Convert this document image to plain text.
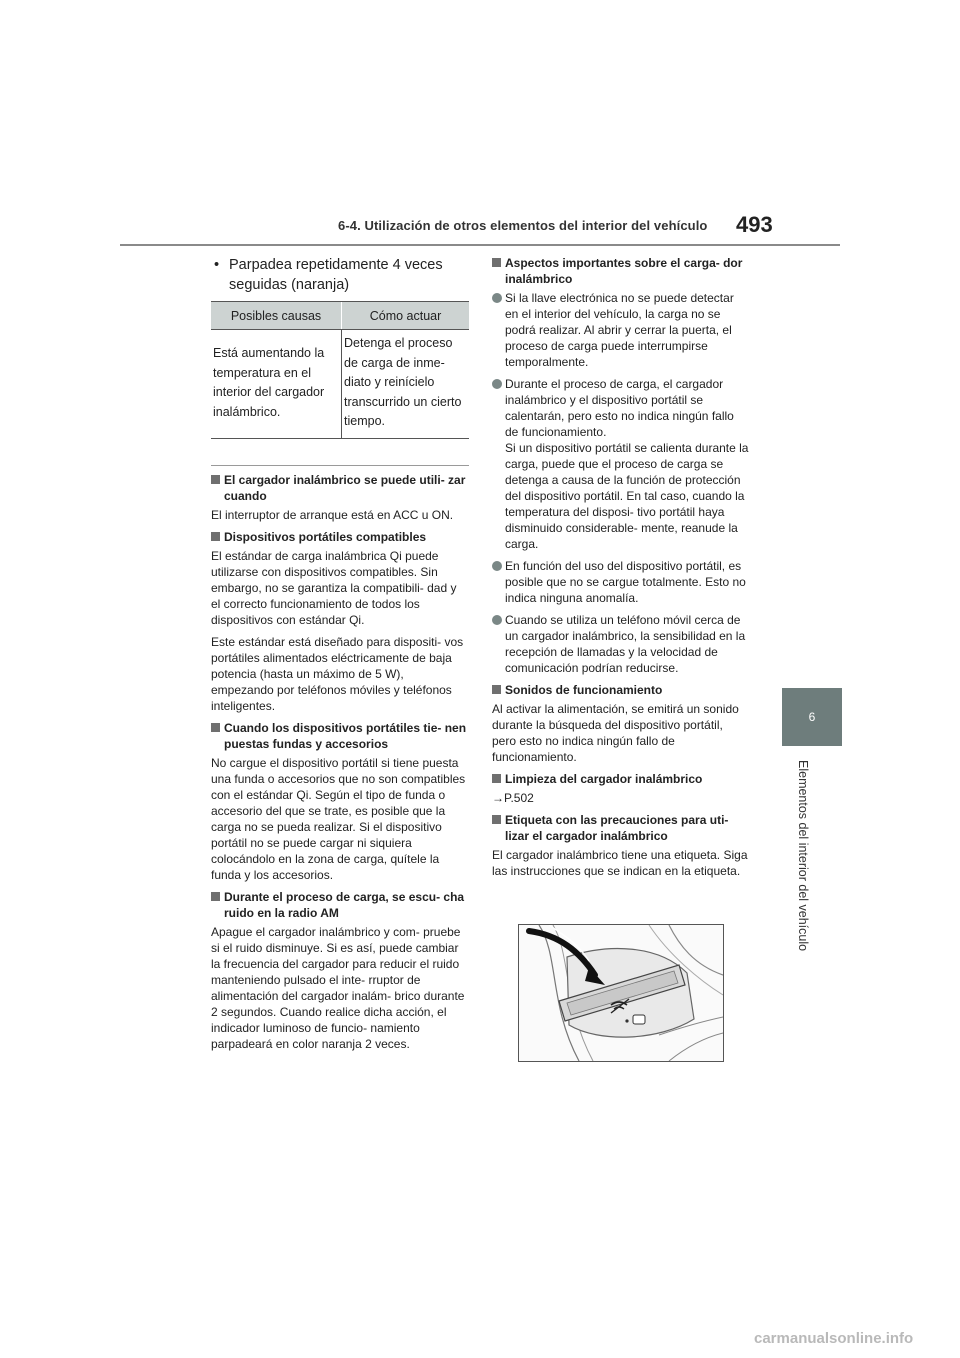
6-4. Utilización de otros elementos del interior del vehículo 493
6
Elementos del interior del vehículo
• Parpadea repetidamente 4 veces seguidas (naranja)
Posibles causas	Cómo actuar
Está aumentando la temperatura en el interior del cargador inalámbrico.	Detenga el proceso de carga de inme- diato y reinícielo transcurrido un cierto tiempo.
El cargador inalámbrico se puede utili- zar cuando

El interruptor de arranque está en ACC u ON.

Dispositivos portátiles compatibles

El estándar de carga inalámbrica Qi puede utilizarse con dispositivos compatibles. Sin embargo, no se garantiza la compatibili- dad y el correcto funcionamiento de todos los dispositivos con estándar Qi.

Este estándar está diseñado para dispositi- vos portátiles alimentados eléctricamente de baja potencia (hasta un máximo de 5 W), empezando por teléfonos móviles y teléfonos inteligentes.

Cuando los dispositivos portátiles tie- nen puestas fundas y accesorios

No cargue el dispositivo portátil si tiene puesta una funda o accesorios que no son compatibles con el estándar Qi. Según el tipo de funda o accesorio del que se trate, es posible que la carga no se pueda realizar. Si el dispositivo portátil no se puede cargar ni siquiera colocándolo en la zona de carga, quítele la funda y los accesorios.

Durante el proceso de carga, se escu- cha ruido en la radio AM

Apague el cargador inalámbrico y com- pruebe si el ruido disminuye. Si es así, puede cambiar la frecuencia del cargador para reducir el ruido manteniendo pulsado el inte- rruptor de alimentación del cargador inalám- brico durante 2 segundos. Cuando realice dicha acción, el indicador luminoso de funcio- namiento parpadeará en color naranja 2 veces.

Aspectos importantes sobre el carga- dor inalámbrico
Si la llave electrónica no se puede detectar en el interior del vehículo, la carga no se podrá realizar. Al abrir y cerrar la puerta, el proceso de carga puede interrumpirse temporalmente.
Durante el proceso de carga, el cargador inalámbrico y el dispositivo portátil se calentarán, pero esto no indica ningún fallo de funcionamiento.
Si un dispositivo portátil se calienta durante la carga, puede que el proceso de carga se detenga a causa de la función de protección del dispositivo portátil. En tal caso, cuando la temperatura del disposi- tivo portátil haya disminuido considerable- mente, reanude la carga.
En función del uso del dispositivo portátil, es posible que no se cargue totalmente. Esto no indica ninguna anomalía.
Cuando se utiliza un teléfono móvil cerca de un cargador inalámbrico, la sensibilidad en la recepción de llamadas y la velocidad de comunicación podrían reducirse.
Sonidos de funcionamiento

Al activar la alimentación, se emitirá un sonido durante la búsqueda del dispositivo portátil, pero esto no indica ningún fallo de funcionamiento.

Limpieza del cargador inalámbrico

→P.502

Etiqueta con las precauciones para uti- lizar el cargador inalámbrico

El cargador inalámbrico tiene una etiqueta. Siga las instrucciones que se indican en la etiqueta.

carmanualsonline.info
